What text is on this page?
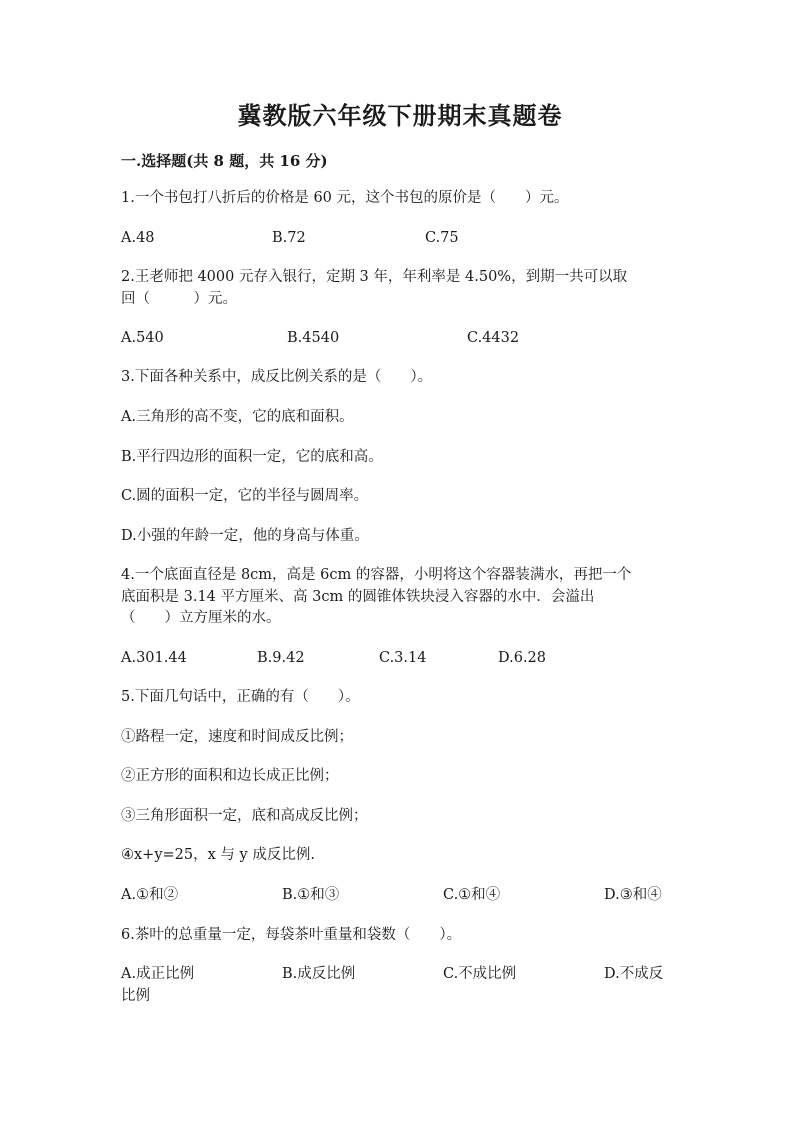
冀教版六年级下册期末真题卷
一.选择题(共 8 题，共 16 分)
1.一个书包打八折后的价格是 60 元，这个书包的原价是（　　）元。
A.48	B.72	C.75
2.王老师把 4000 元存入银行，定期 3 年，年利率是 4.50%，到期一共可以取
回（　　　）元。
A.540	B.4540	C.4432
3.下面各种关系中，成反比例关系的是（　　）。
A.三角形的高不变，它的底和面积。
B.平行四边形的面积一定，它的底和高。
C.圆的面积一定，它的半径与圆周率。
D.小强的年龄一定，他的身高与体重。
4.一个底面直径是 8cm，高是 6cm 的容器，小明将这个容器装满水，再把一个
底面积是 3.14 平方厘米、高 3cm 的圆锥体铁块浸入容器的水中．会溢出
（　　）立方厘米的水。
A.301.44	B.9.42	C.3.14	D.6.28
5.下面几句话中，正确的有（　　）。
①路程一定，速度和时间成反比例；
②正方形的面积和边长成正比例；
③三角形面积一定，底和高成反比例；
④x+y=25，x 与 y 成反比例.
A.①和②	B.①和③	C.①和④	D.③和④
6.茶叶的总重量一定，每袋茶叶重量和袋数（　　）。
A.成正比例	B.成反比例	C.不成比例	D.不成反
比例
